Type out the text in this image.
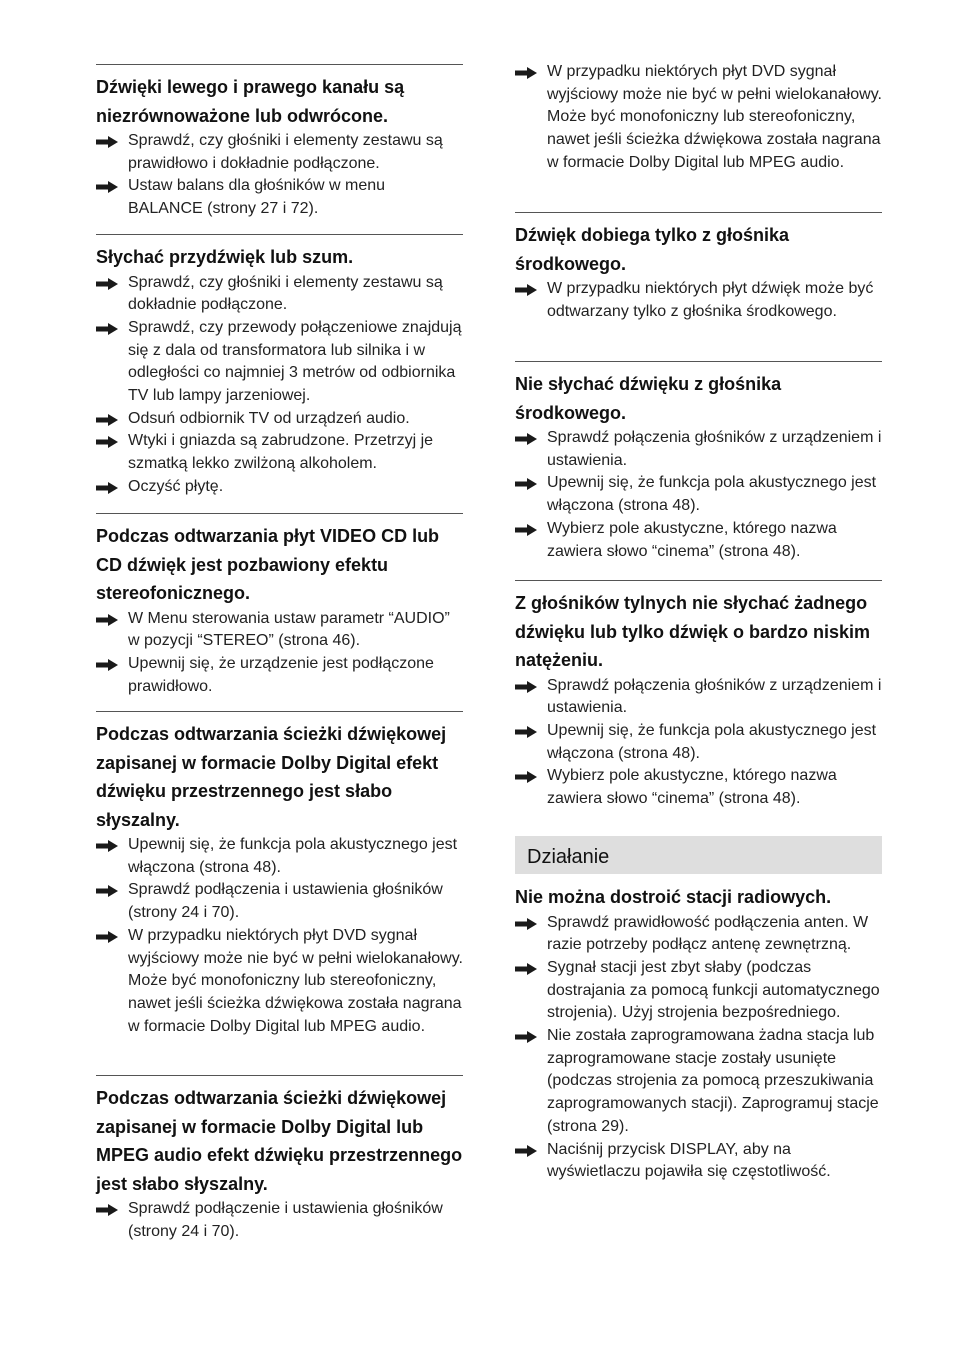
Dźwięki lewego i prawego kanału są niezrównoważone lub odwrócone.

Sprawdź, czy głośniki i elementy zestawu są prawidłowo i dokładnie podłączone.
Ustaw balans dla głośników w menu BALANCE (strony 27 i 72).

Słychać przydźwięk lub szum.

Sprawdź, czy głośniki i elementy zestawu są dokładnie podłączone.
Sprawdź, czy przewody połączeniowe znajdują się z dala od transformatora lub silnika i w odległości co najmniej 3 metrów od odbiornika TV lub lampy jarzeniowej.
Odsuń odbiornik TV od urządzeń audio.
Wtyki i gniazda są zabrudzone. Przetrzyj je szmatką lekko zwilżoną alkoholem.
Oczyść płytę.

Podczas odtwarzania płyt VIDEO CD lub CD dźwięk jest pozbawiony efektu stereofonicznego.

W Menu sterowania ustaw parametr “AUDIO” w pozycji “STEREO” (strona 46).
Upewnij się, że urządzenie jest podłączone prawidłowo.

Podczas odtwarzania ścieżki dźwiękowej zapisanej w formacie Dolby Digital efekt dźwięku przestrzennego jest słabo słyszalny.

Upewnij się, że funkcja pola akustycznego jest włączona (strona 48).
Sprawdź podłączenia i ustawienia głośników (strony 24 i 70).
W przypadku niektórych płyt DVD sygnał wyjściowy może nie być w pełni wielokanałowy. Może być monofoniczny lub stereofoniczny, nawet jeśli ścieżka dźwiękowa została nagrana w formacie Dolby Digital lub MPEG audio.

Podczas odtwarzania ścieżki dźwiękowej zapisanej w formacie Dolby Digital lub MPEG audio efekt dźwięku przestrzennego jest słabo słyszalny.

Sprawdź podłączenie i ustawienia głośników (strony 24 i 70).
W przypadku niektórych płyt DVD sygnał wyjściowy może nie być w pełni wielokanałowy. Może być monofoniczny lub stereofoniczny, nawet jeśli ścieżka dźwiękowa została nagrana w formacie Dolby Digital lub MPEG audio.

Dźwięk dobiega tylko z głośnika środkowego.

W przypadku niektórych płyt dźwięk może być odtwarzany tylko z głośnika środkowego.

Nie słychać dźwięku z głośnika środkowego.

Sprawdź połączenia głośników z urządzeniem i ustawienia.
Upewnij się, że funkcja pola akustycznego jest włączona (strona 48).
Wybierz pole akustyczne, którego nazwa zawiera słowo “cinema” (strona 48).

Z głośników tylnych nie słychać żadnego dźwięku lub tylko dźwięk o bardzo niskim natężeniu.

Sprawdź połączenia głośników z urządzeniem i ustawienia.
Upewnij się, że funkcja pola akustycznego jest włączona (strona 48).
Wybierz pole akustyczne, którego nazwa zawiera słowo “cinema” (strona 48).
Działanie

Nie można dostroić stacji radiowych.

Sprawdź prawidłowość podłączenia anten. W razie potrzeby podłącz antenę zewnętrzną.
Sygnał stacji jest zbyt słaby (podczas dostrajania za pomocą funkcji automatycznego strojenia). Użyj strojenia bezpośredniego.
Nie została zaprogramowana żadna stacja lub zaprogramowane stacje zostały usunięte (podczas strojenia za pomocą przeszukiwania zaprogramowanych stacji). Zaprogramuj stacje (strona 29).
Naciśnij przycisk DISPLAY, aby na wyświetlaczu pojawiła się częstotliwość.
